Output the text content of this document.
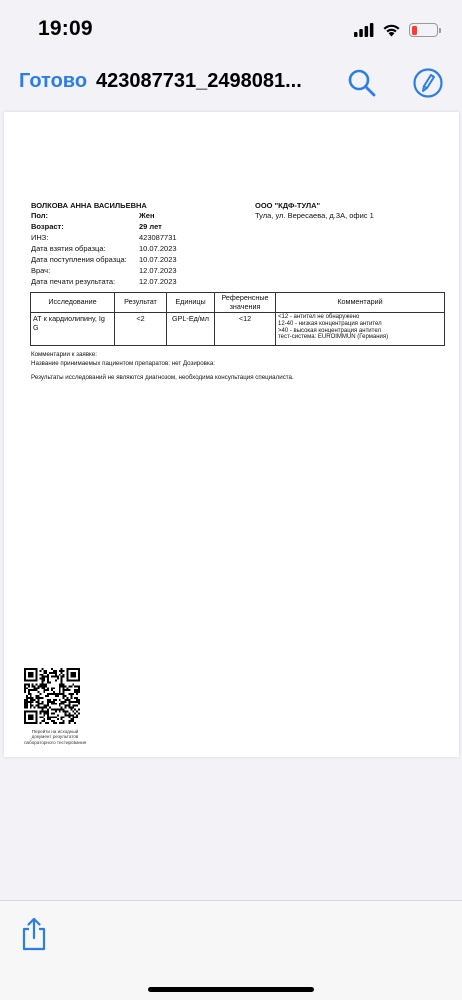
19:09
Готово 423087731_2498081...
ВОЛКОВА АННА ВАСИЛЬЕВНА
Пол:	Жен
Возраст:	29 лет
ИНЗ:	423087731
Дата взятия образца:	10.07.2023
Дата поступления образца: 10.07.2023
Врач:	12.07.2023
Дата печати результата:	12.07.2023
ООО "КДФ-ТУЛА"
Тула, ул. Вересаева, д.3А, офис 1
Исследование	Результат	Единицы	Референсные значения	Комментарий
АТ к кардиолипину, Ig G	<2	GPL-Ед/мл	<12	<12 - антител не обнаружено
12-40 - низкая концентрация антител
>40 - высокая концентрация антител
тест-система: EUROIMMUN (Германия)
Комментарии к заявке:
Название принимаемых пациентом препаратов: нет Дозировка:
Результаты исследований не являются диагнозом, необходима консультация специалиста.
Перейти на исходный документ результатов лабораторного тестирования
